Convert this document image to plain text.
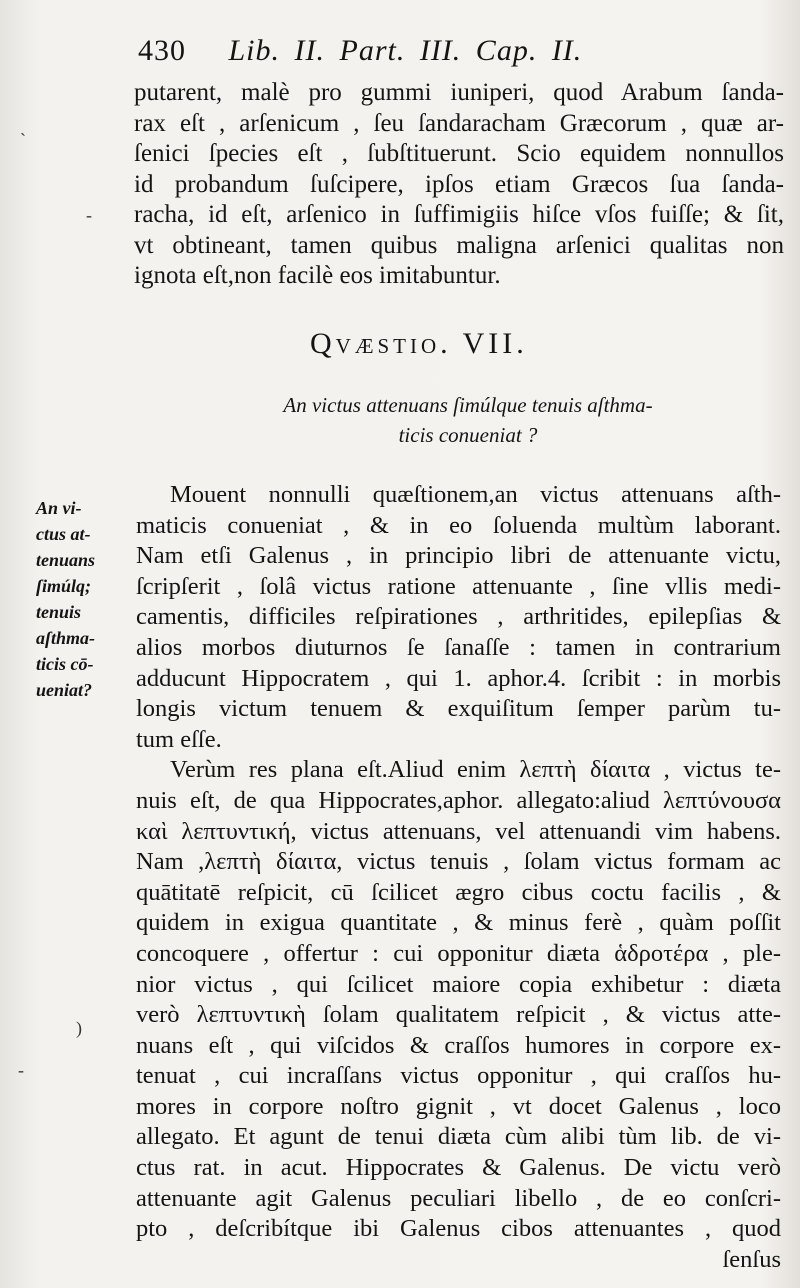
430 Lib. II. Part. III. Cap. II.
putarent, malè pro gummi iuniperi, quod Arabum ſanda-
rax eſt , arſenicum , ſeu ſandaracham Græcorum , quæ ar-
ſenici ſpecies eſt , ſubſtituerunt. Scio equidem nonnullos
id probandum ſuſcipere, ipſos etiam Græcos ſua ſanda-
racha, id eſt, arſenico in ſuffimigiis hiſce vſos fuiſſe; & ſit,
vt obtineant, tamen quibus maligna arſenici qualitas non
ignota eſt,non facilè eos imitabuntur.
Qvæstio. VII.
An victus attenuans ſimúlque tenuis aſthma-
ticis conueniat ?
An vi-
ctus at-
tenuans
ſimúlq;
tenuis
aſthma-
ticis cō-
ueniat?
Mouent nonnulli quæſtionem,an victus attenuans aſth-
maticis conueniat , & in eo ſoluenda multùm laborant.
Nam etſi Galenus , in principio libri de attenuante victu,
ſcripſerit , ſolâ victus ratione attenuante , ſine vllis medi-
camentis, difficiles reſpirationes , arthritides, epilepſias &
alios morbos diuturnos ſe ſanaſſe : tamen in contrarium
adducunt Hippocratem , qui 1. aphor.4. ſcribit : in morbis
longis victum tenuem & exquiſitum ſemper parùm tu-
tum eſſe.
Verùm res plana eſt.Aliud enim λεπτὴ δίαιτα , victus te-
nuis eſt, de qua Hippocrates,aphor. allegato:aliud λεπτύνουσα
καὶ λεπτυντική, victus attenuans, vel attenuandi vim habens.
Nam ,λεπτὴ δίαιτα, victus tenuis , ſolam victus formam ac
quātitatē reſpicit, cū ſcilicet ægro cibus coctu facilis , &
quidem in exigua quantitate , & minus ferè , quàm poſſit
concoquere , offertur : cui opponitur diæta ἁδροτέρα , ple-
nior victus , qui ſcilicet maiore copia exhibetur : diæta
verò λεπτυντικὴ ſolam qualitatem reſpicit , & victus atte-
nuans eſt , qui viſcidos & craſſos humores in corpore ex-
tenuat , cui incraſſans victus opponitur , qui craſſos hu-
mores in corpore noſtro gignit , vt docet Galenus , loco
allegato. Et agunt de tenui diæta cùm alibi tùm lib. de vi-
ctus rat. in acut. Hippocrates & Galenus. De victu verò
attenuante agit Galenus peculiari libello , de eo conſcri-
pto , deſcribítque ibi Galenus cibos attenuantes , quod
ſenſus
`
-
)
-
